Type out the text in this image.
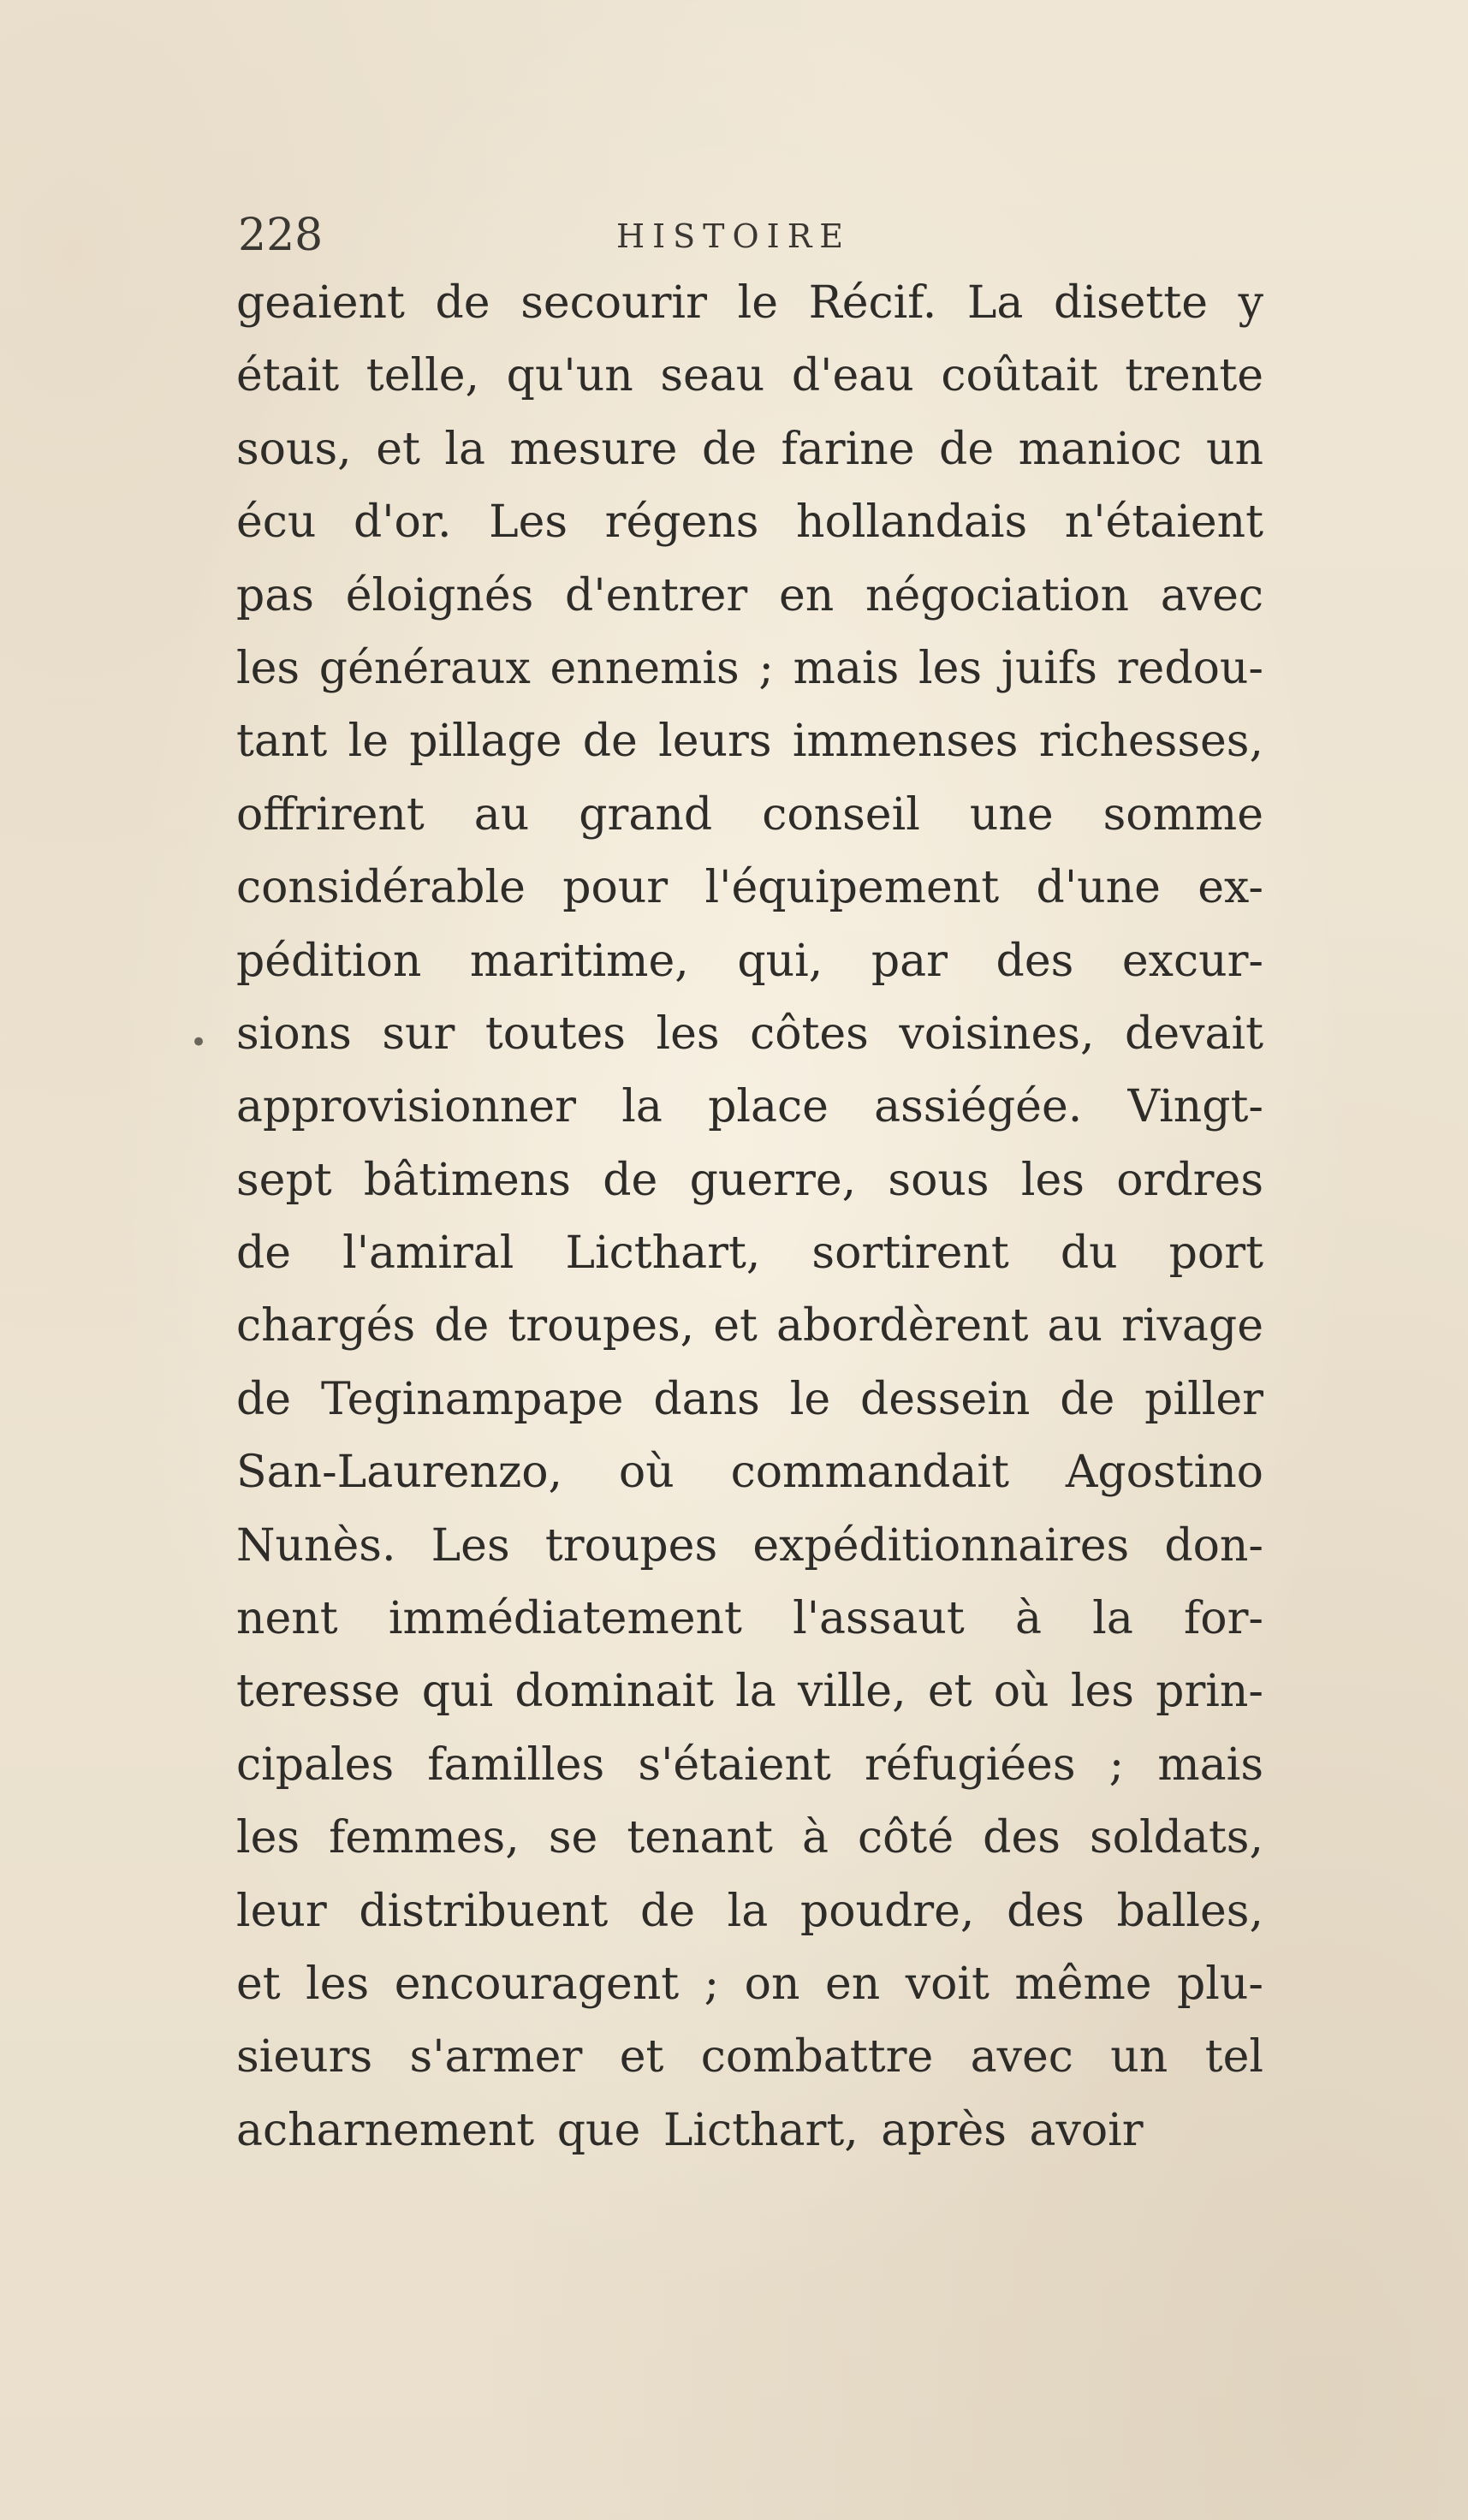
228	HISTOIRE
•
geaient de secourir le Récif. La disette y
était telle, qu'un seau d'eau coûtait trente
sous, et la mesure de farine de manioc un
écu d'or. Les régens hollandais n'étaient
pas éloignés d'entrer en négociation avec
les généraux ennemis ; mais les juifs redou-
tant le pillage de leurs immenses richesses,
offrirent au grand conseil une somme
considérable pour l'équipement d'une ex-
pédition maritime, qui, par des excur-
sions sur toutes les côtes voisines, devait
approvisionner la place assiégée. Vingt-
sept bâtimens de guerre, sous les ordres
de l'amiral Licthart, sortirent du port
chargés de troupes, et abordèrent au rivage
de Teginampape dans le dessein de piller
San-Laurenzo, où commandait Agostino
Nunès. Les troupes expéditionnaires don-
nent immédiatement l'assaut à la for-
teresse qui dominait la ville, et où les prin-
cipales familles s'étaient réfugiées ; mais
les femmes, se tenant à côté des soldats,
leur distribuent de la poudre, des balles,
et les encouragent ; on en voit même plu-
sieurs s'armer et combattre avec un tel
acharnement que Licthart, après avoir
